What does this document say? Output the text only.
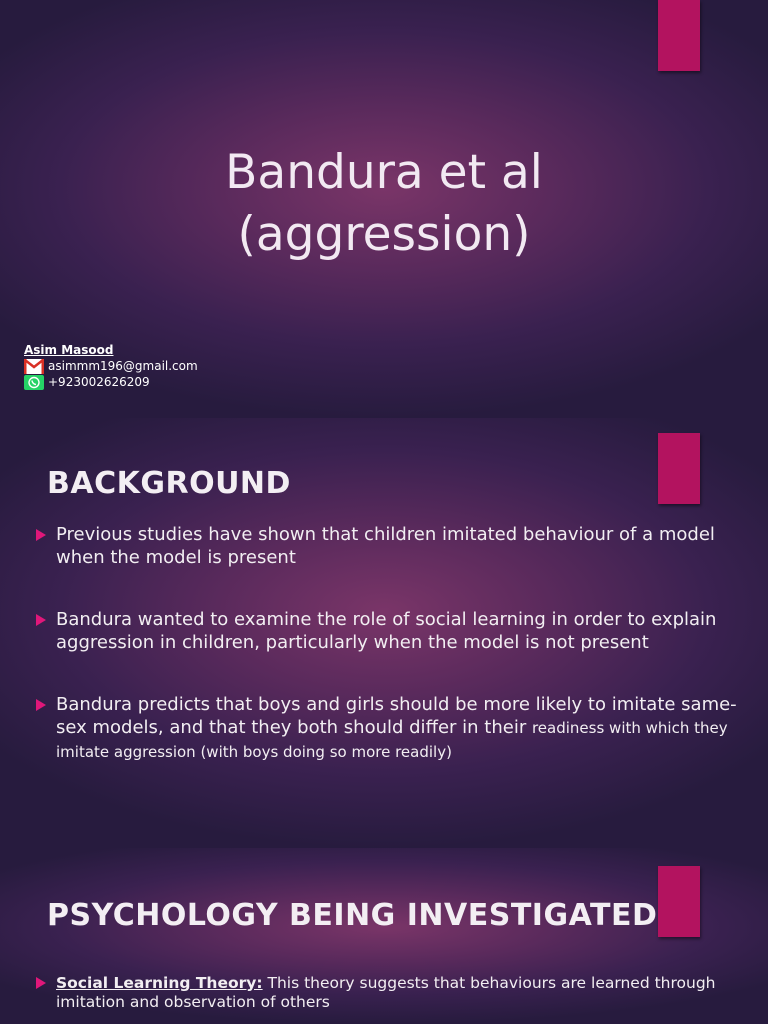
Bandura et al
(aggression)
Asim Masood
asimmm196@gmail.com
+923002626209
BACKGROUND
Previous studies have shown that children imitated behaviour of a model when the model is present
Bandura wanted to examine the role of social learning in order to explain aggression in children, particularly when the model is not present
Bandura predicts that boys and girls should be more likely to imitate same-sex models, and that they both should differ in their readiness with which they imitate aggression (with boys doing so more readily)
PSYCHOLOGY BEING INVESTIGATED
Social Learning Theory: This theory suggests that behaviours are learned through imitation and observation of others
